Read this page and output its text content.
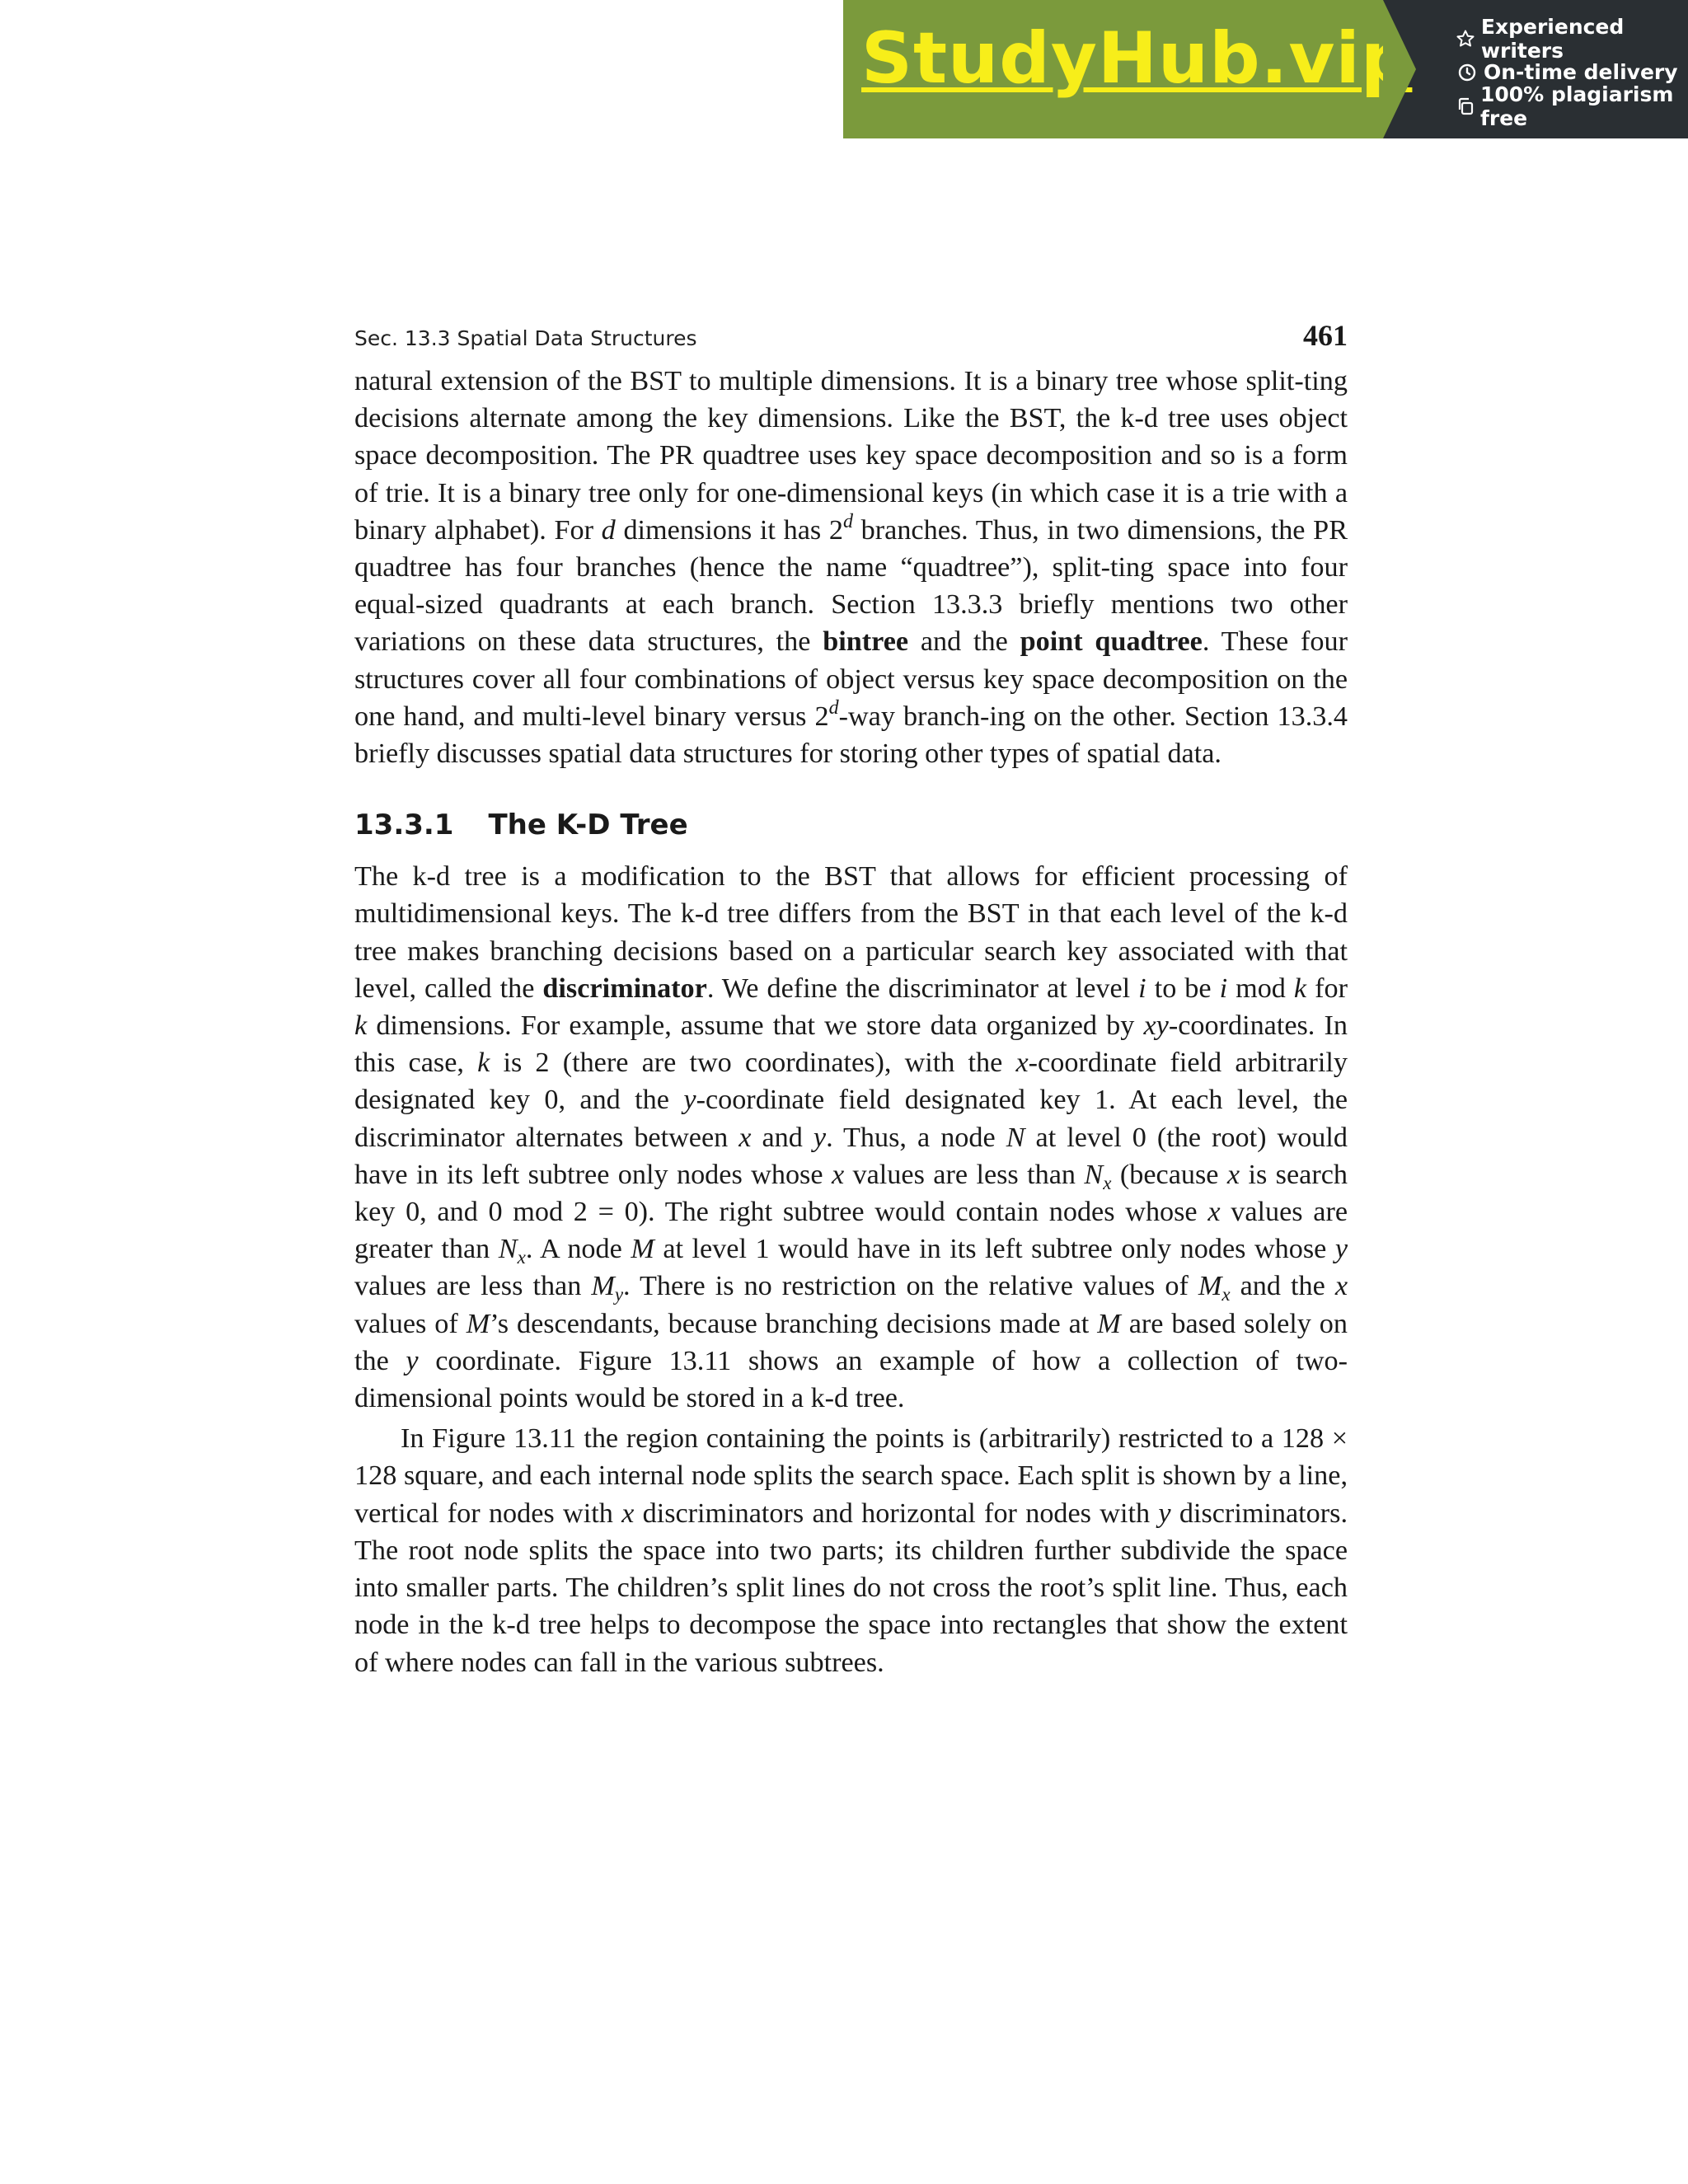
StudyHub.vip	Experienced writers
On-time delivery
100% plagiarism free
Sec. 13.3 Spatial Data Structures	461

natural extension of the BST to multiple dimensions. It is a binary tree whose split-ting decisions alternate among the key dimensions. Like the BST, the k-d tree uses object space decomposition. The PR quadtree uses key space decomposition and so is a form of trie. It is a binary tree only for one-dimensional keys (in which case it is a trie with a binary alphabet). For d dimensions it has 2$^d$ branches. Thus, in two dimensions, the PR quadtree has four branches (hence the name “quadtree”), split-ting space into four equal-sized quadrants at each branch. Section 13.3.3 briefly mentions two other variations on these data structures, the bintree and the point quadtree. These four structures cover all four combinations of object versus key space decomposition on the one hand, and multi-level binary versus 2$^d$-way branch-ing on the other. Section 13.3.4 briefly discusses spatial data structures for storing other types of spatial data.

13.3.1 The K-D Tree

The k-d tree is a modification to the BST that allows for efficient processing of multidimensional keys. The k-d tree differs from the BST in that each level of the k-d tree makes branching decisions based on a particular search key associated with that level, called the discriminator. We define the discriminator at level i to be i mod k for k dimensions. For example, assume that we store data organized by xy-coordinates. In this case, k is 2 (there are two coordinates), with the x-coordinate field arbitrarily designated key 0, and the y-coordinate field designated key 1. At each level, the discriminator alternates between x and y. Thus, a node N at level 0 (the root) would have in its left subtree only nodes whose x values are less than $N_x$ (because x is search key 0, and 0 mod 2 = 0). The right subtree would contain nodes whose x values are greater than $N_x$. A node M at level 1 would have in its left subtree only nodes whose y values are less than $M_y$. There is no restriction on the relative values of $M_x$ and the x values of M’s descendants, because branching decisions made at M are based solely on the y coordinate. Figure 13.11 shows an example of how a collection of two-dimensional points would be stored in a k-d tree.

In Figure 13.11 the region containing the points is (arbitrarily) restricted to a 128 × 128 square, and each internal node splits the search space. Each split is shown by a line, vertical for nodes with x discriminators and horizontal for nodes with y discriminators. The root node splits the space into two parts; its children further subdivide the space into smaller parts. The children’s split lines do not cross the root’s split line. Thus, each node in the k-d tree helps to decompose the space into rectangles that show the extent of where nodes can fall in the various subtrees.
